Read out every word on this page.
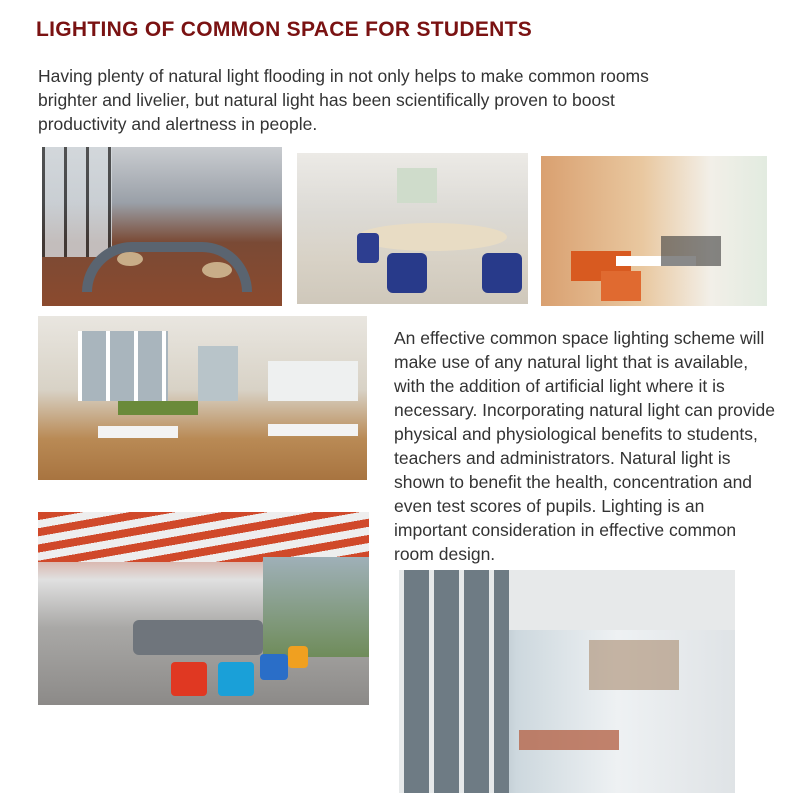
LIGHTING OF COMMON SPACE FOR STUDENTS

Having plenty of natural light flooding in not only helps to make common rooms brighter and livelier, but natural light has been scientifically proven to boost productivity and alertness in people.

An effective common space lighting scheme will make use of any natural light that is available, with the addition of artificial light where it is necessary. Incorporating natural light can provide physical and physiological benefits to students, teachers and administrators. Natural light is shown to benefit the health, concentration and even test scores of pupils. Lighting is an important consideration in effective common room design.
